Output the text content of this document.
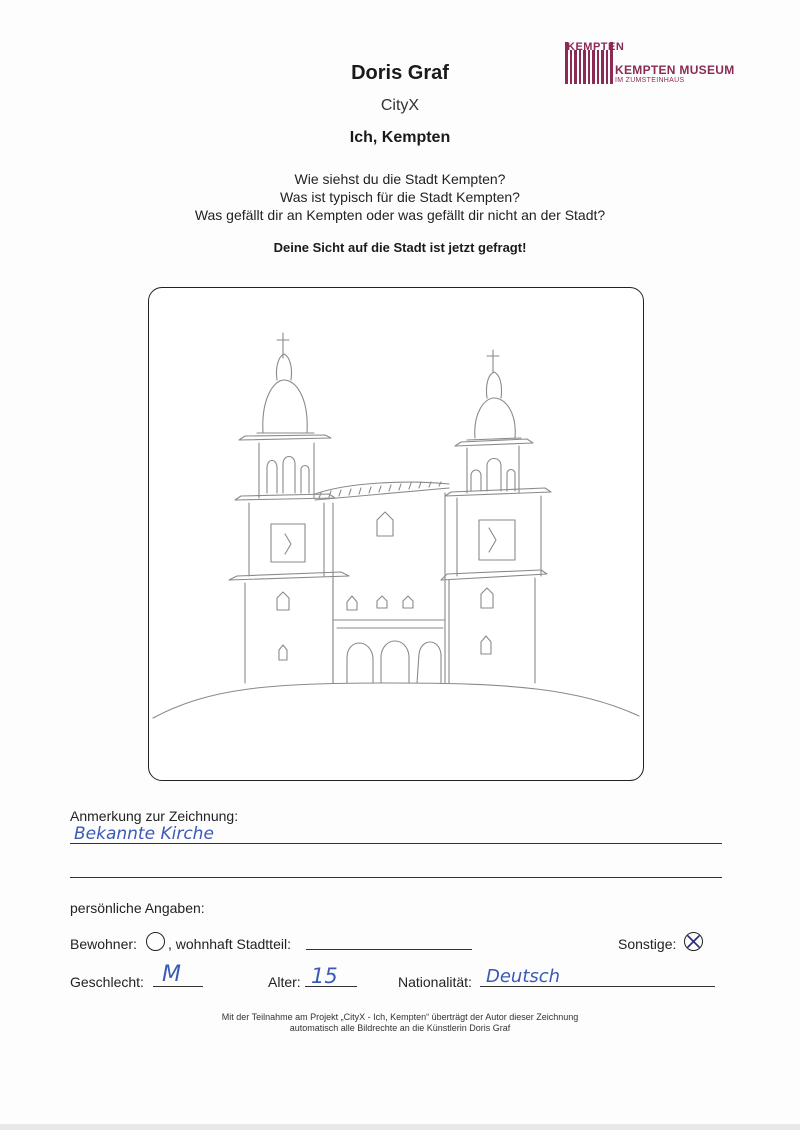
Doris Graf
CityX
Ich, Kempten
Wie siehst du die Stadt Kempten?
Was ist typisch für die Stadt Kempten?
Was gefällt dir an Kempten oder was gefällt dir nicht an der Stadt?
Deine Sicht auf die Stadt ist jetzt gefragt!
KEMPTEN
KEMPTEN MUSEUM
IM ZUMSTEINHAUS
Anmerkung zur Zeichnung:
Bekannte Kirche
persönliche Angaben:
Bewohner: , wohnhaft Stadtteil:	Sonstige:
Geschlecht: M	Alter: 15	Nationalität: Deutsch
Mit der Teilnahme am Projekt „CityX - Ich, Kempten“ überträgt der Autor dieser Zeichnung
automatisch alle Bildrechte an die Künstlerin Doris Graf
